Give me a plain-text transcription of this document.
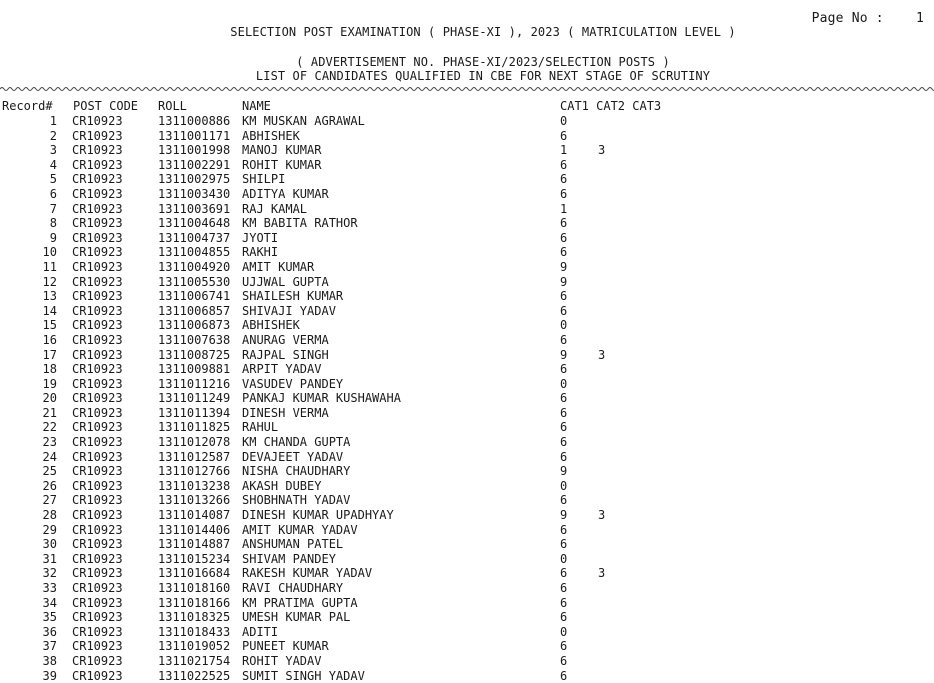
Page No : 1
SELECTION POST EXAMINATION ( PHASE-XI ), 2023 ( MATRICULATION LEVEL )
( ADVERTISEMENT NO. PHASE-XI/2023/SELECTION POSTS )
LIST OF CANDIDATES QUALIFIED IN CBE FOR NEXT STAGE OF SCRUTINY
Record# POST CODE ROLL	NAME	CAT1 CAT2 CAT3
1 CR10923	1311000886 KM MUSKAN AGRAWAL	0
2 CR10923	1311001171 ABHISHEK	6
3 CR10923	1311001998 MANOJ KUMAR	1	3
4 CR10923	1311002291 ROHIT KUMAR	6
5 CR10923	1311002975 SHILPI	6
6 CR10923	1311003430 ADITYA KUMAR	6
7 CR10923	1311003691 RAJ KAMAL	1
8 CR10923	1311004648 KM BABITA RATHOR	6
9 CR10923	1311004737 JYOTI	6
10 CR10923	1311004855 RAKHI	6
11 CR10923	1311004920 AMIT KUMAR	9
12 CR10923	1311005530 UJJWAL GUPTA	9
13 CR10923	1311006741 SHAILESH KUMAR	6
14 CR10923	1311006857 SHIVAJI YADAV	6
15 CR10923	1311006873 ABHISHEK	0
16 CR10923	1311007638 ANURAG VERMA	6
17 CR10923	1311008725 RAJPAL SINGH	9	3
18 CR10923	1311009881 ARPIT YADAV	6
19 CR10923	1311011216 VASUDEV PANDEY	0
20 CR10923	1311011249 PANKAJ KUMAR KUSHAWAHA	6
21 CR10923	1311011394 DINESH VERMA	6
22 CR10923	1311011825 RAHUL	6
23 CR10923	1311012078 KM CHANDA GUPTA	6
24 CR10923	1311012587 DEVAJEET YADAV	6
25 CR10923	1311012766 NISHA CHAUDHARY	9
26 CR10923	1311013238 AKASH DUBEY	0
27 CR10923	1311013266 SHOBHNATH YADAV	6
28 CR10923	1311014087 DINESH KUMAR UPADHYAY	9	3
29 CR10923	1311014406 AMIT KUMAR YADAV	6
30 CR10923	1311014887 ANSHUMAN PATEL	6
31 CR10923	1311015234 SHIVAM PANDEY	0
32 CR10923	1311016684 RAKESH KUMAR YADAV	6	3
33 CR10923	1311018160 RAVI CHAUDHARY	6
34 CR10923	1311018166 KM PRATIMA GUPTA	6
35 CR10923	1311018325 UMESH KUMAR PAL	6
36 CR10923	1311018433 ADITI	0
37 CR10923	1311019052 PUNEET KUMAR	6
38 CR10923	1311021754 ROHIT YADAV	6
39 CR10923	1311022525 SUMIT SINGH YADAV	6
